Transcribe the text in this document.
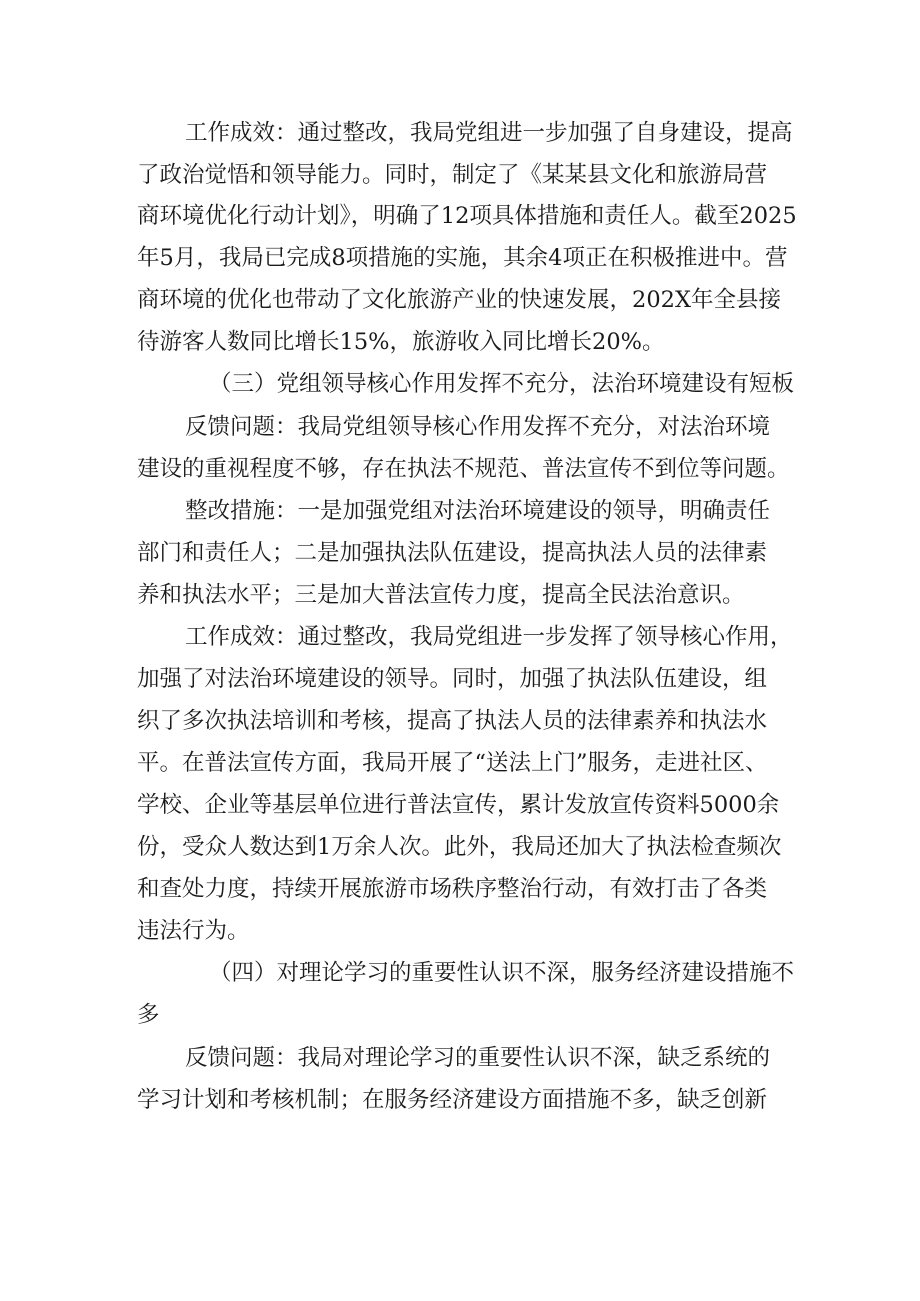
工作成效：通过整改，我局党组进一步加强了自身建设，提高
了政治觉悟和领导能力。同时，制定了《某某县文化和旅游局营
商环境优化行动计划》，明确了12项具体措施和责任人。截至2025
年5月，我局已完成8项措施的实施，其余4项正在积极推进中。营
商环境的优化也带动了文化旅游产业的快速发展，202X年全县接
待游客人数同比增长15%，旅游收入同比增长20%。
（三）党组领导核心作用发挥不充分，法治环境建设有短板
反馈问题：我局党组领导核心作用发挥不充分，对法治环境
建设的重视程度不够，存在执法不规范、普法宣传不到位等问题。
整改措施：一是加强党组对法治环境建设的领导，明确责任
部门和责任人；二是加强执法队伍建设，提高执法人员的法律素
养和执法水平；三是加大普法宣传力度，提高全民法治意识。
工作成效：通过整改，我局党组进一步发挥了领导核心作用，
加强了对法治环境建设的领导。同时，加强了执法队伍建设，组
织了多次执法培训和考核，提高了执法人员的法律素养和执法水
平。在普法宣传方面，我局开展了“送法上门”服务，走进社区、
学校、企业等基层单位进行普法宣传，累计发放宣传资料5000余
份，受众人数达到1万余人次。此外，我局还加大了执法检查频次
和查处力度，持续开展旅游市场秩序整治行动，有效打击了各类
违法行为。
（四）对理论学习的重要性认识不深，服务经济建设措施不
多
反馈问题：我局对理论学习的重要性认识不深，缺乏系统的
学习计划和考核机制；在服务经济建设方面措施不多，缺乏创新
